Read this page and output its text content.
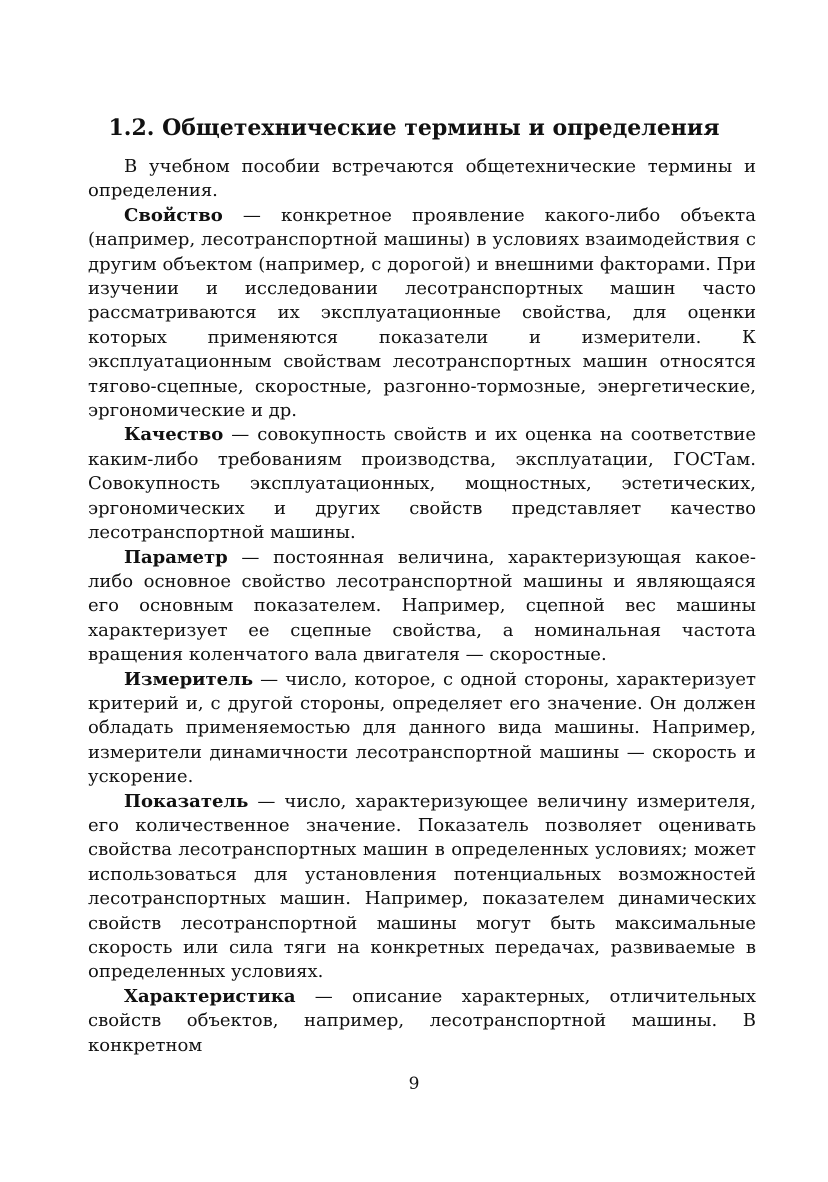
1.2. Общетехнические термины и определения

В учебном пособии встречаются общетехнические термины и определения.

Свойство — конкретное проявление какого-либо объекта (например, лесотранспортной машины) в условиях взаимодействия с другим объектом (например, с дорогой) и внешними факторами. При изучении и исследовании лесотранспортных машин часто рассматриваются их эксплуатационные свойства, для оценки которых применяются показатели и измерители. К эксплуатационным свойствам лесотранспортных машин относятся тягово-сцепные, скоростные, разгонно-тормозные, энергетические, эргономические и др.

Качество — совокупность свойств и их оценка на соответствие каким-либо требованиям производства, эксплуатации, ГОСТам. Совокупность эксплуатационных, мощностных, эстетических, эргономических и других свойств представляет качество лесотранспортной машины.

Параметр — постоянная величина, характеризующая какое-либо основное свойство лесотранспортной машины и являющаяся его основным показателем. Например, сцепной вес машины характеризует ее сцепные свойства, а номинальная частота вращения коленчатого вала двигателя — скоростные.

Измеритель — число, которое, с одной стороны, характеризует критерий и, с другой стороны, определяет его значение. Он должен обладать применяемостью для данного вида машины. Например, измерители динамичности лесотранспортной машины — скорость и ускорение.

Показатель — число, характеризующее величину измерителя, его количественное значение. Показатель позволяет оценивать свойства лесотранспортных машин в определенных условиях; может использоваться для установления потенциальных возможностей лесотранспортных машин. Например, показателем динамических свойств лесотранспортной машины могут быть максимальные скорость или сила тяги на конкретных передачах, развиваемые в определенных условиях.

Характеристика — описание характерных, отличительных свойств объектов, например, лесотранспортной машины. В конкретном

9
